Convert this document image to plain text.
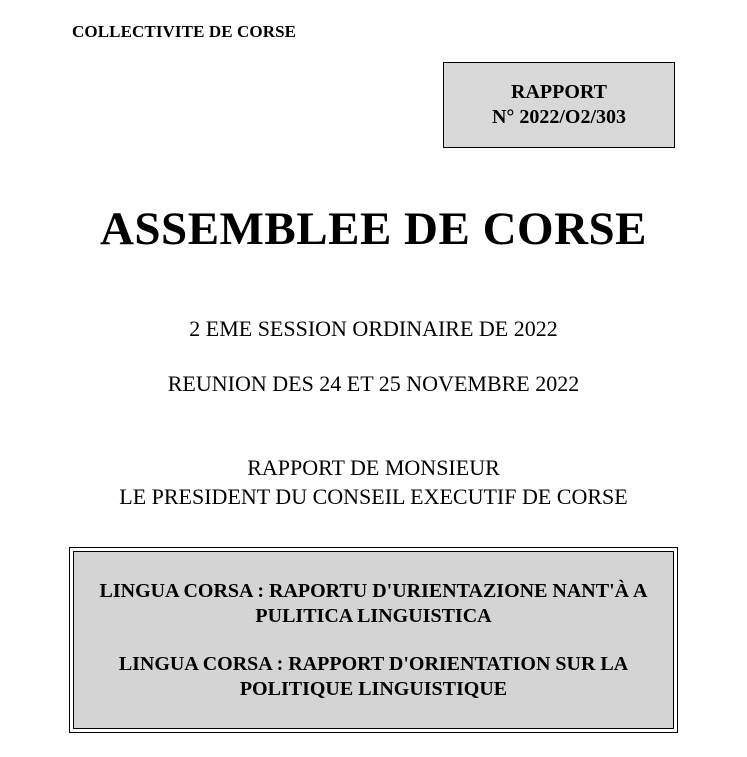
COLLECTIVITE DE CORSE
RAPPORT
N° 2022/O2/303
ASSEMBLEE DE CORSE
2 EME SESSION ORDINAIRE DE 2022
REUNION DES 24 ET 25 NOVEMBRE 2022
RAPPORT DE MONSIEUR
LE PRESIDENT DU CONSEIL EXECUTIF DE CORSE
LINGUA CORSA : RAPORTU D'URIENTAZIONE NANT'À A
PULITICA LINGUISTICA
LINGUA CORSA : RAPPORT D'ORIENTATION SUR LA
POLITIQUE LINGUISTIQUE
